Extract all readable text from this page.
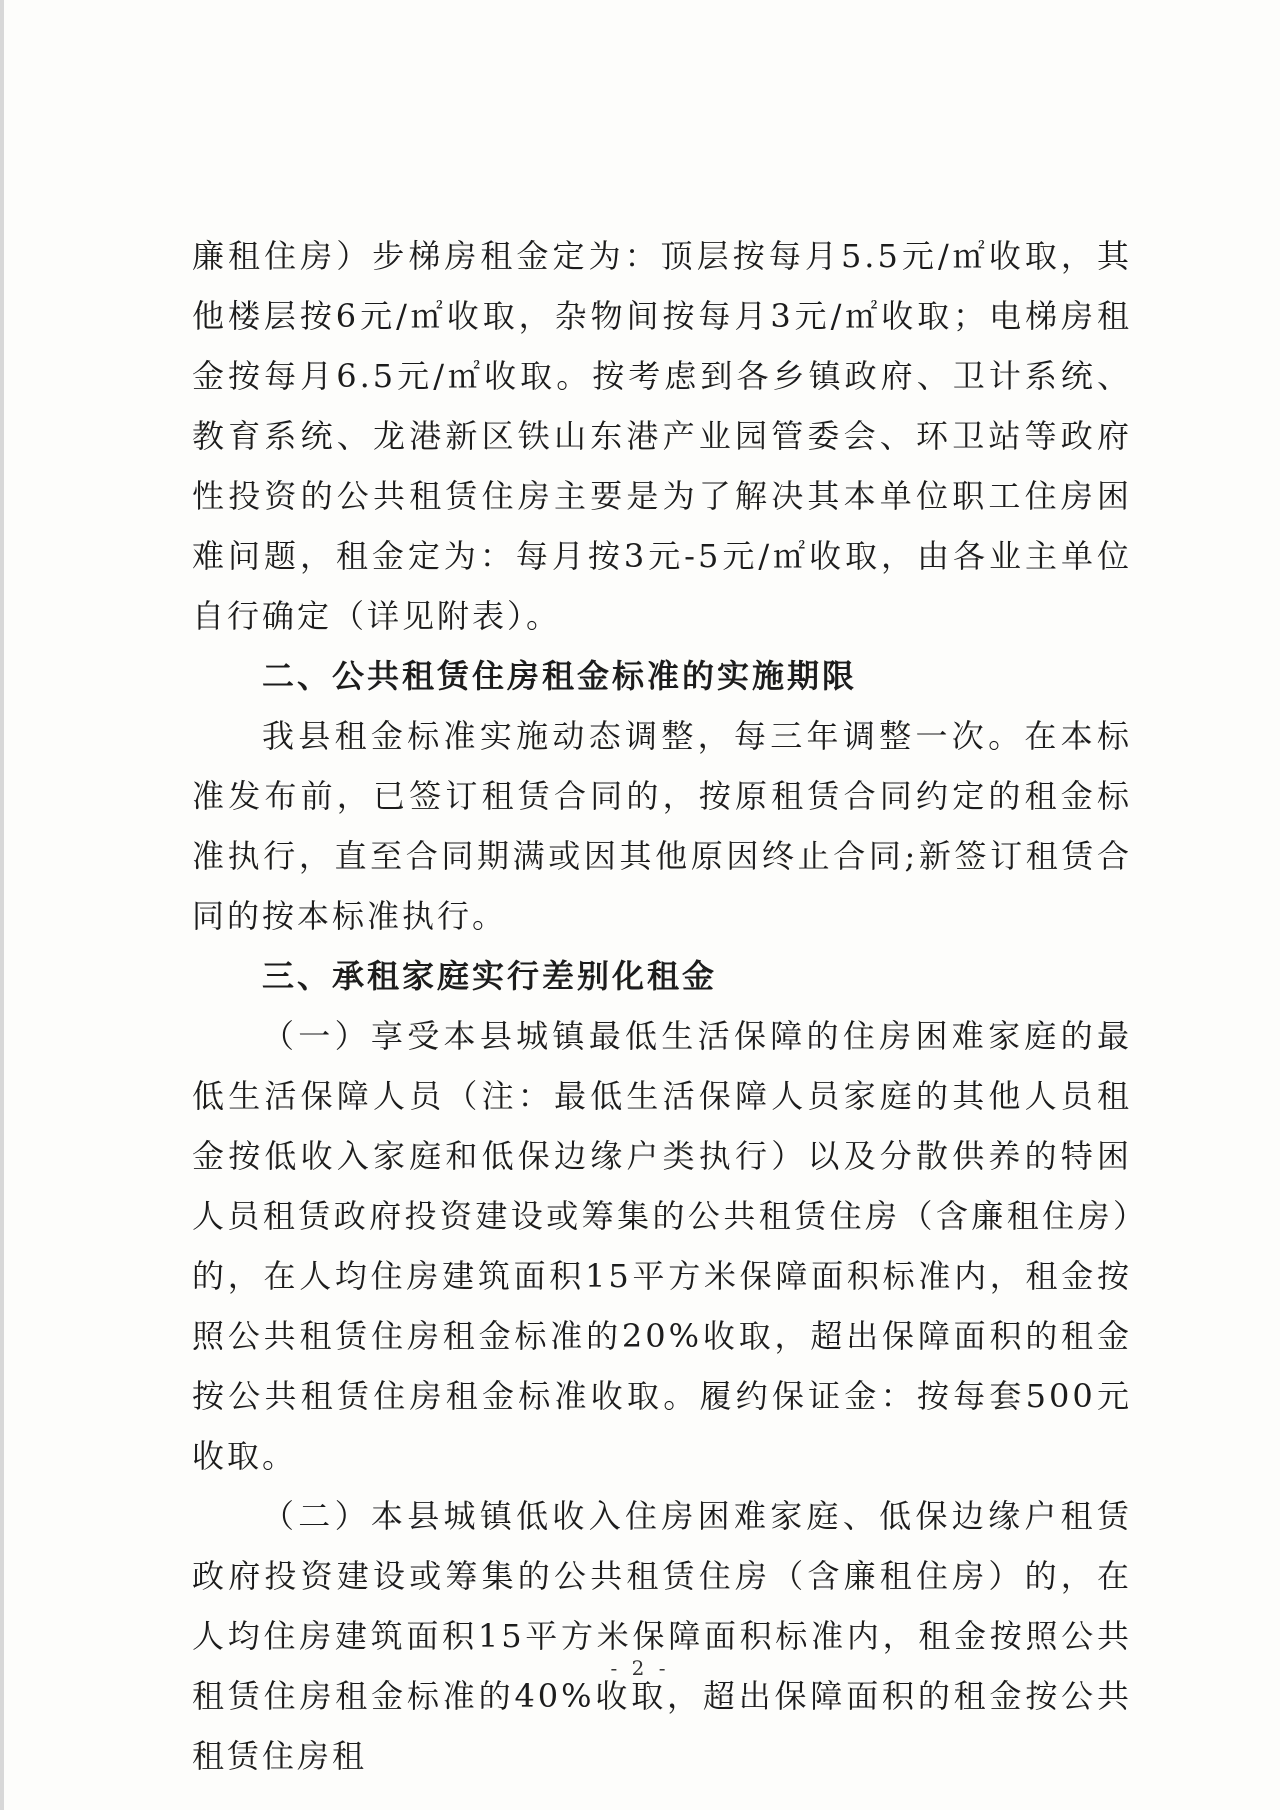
廉租住房）步梯房租金定为：顶层按每月5.5元/㎡收取，其他楼层按6元/㎡收取，杂物间按每月3元/㎡收取；电梯房租金按每月6.5元/㎡收取。按考虑到各乡镇政府、卫计系统、教育系统、龙港新区铁山东港产业园管委会、环卫站等政府性投资的公共租赁住房主要是为了解决其本单位职工住房困难问题，租金定为：每月按3元-5元/㎡收取，由各业主单位自行确定（详见附表）。

二、公共租赁住房租金标准的实施期限

我县租金标准实施动态调整，每三年调整一次。在本标准发布前，已签订租赁合同的，按原租赁合同约定的租金标准执行，直至合同期满或因其他原因终止合同;新签订租赁合同的按本标准执行。

三、承租家庭实行差别化租金

（一）享受本县城镇最低生活保障的住房困难家庭的最低生活保障人员（注：最低生活保障人员家庭的其他人员租金按低收入家庭和低保边缘户类执行）以及分散供养的特困人员租赁政府投资建设或筹集的公共租赁住房（含廉租住房）的，在人均住房建筑面积15平方米保障面积标准内，租金按照公共租赁住房租金标准的20%收取，超出保障面积的租金按公共租赁住房租金标准收取。履约保证金：按每套500元收取。

（二）本县城镇低收入住房困难家庭、低保边缘户租赁政府投资建设或筹集的公共租赁住房（含廉租住房）的，在人均住房建筑面积15平方米保障面积标准内，租金按照公共租赁住房租金标准的40%收取，超出保障面积的租金按公共租赁住房租

- 2 -
